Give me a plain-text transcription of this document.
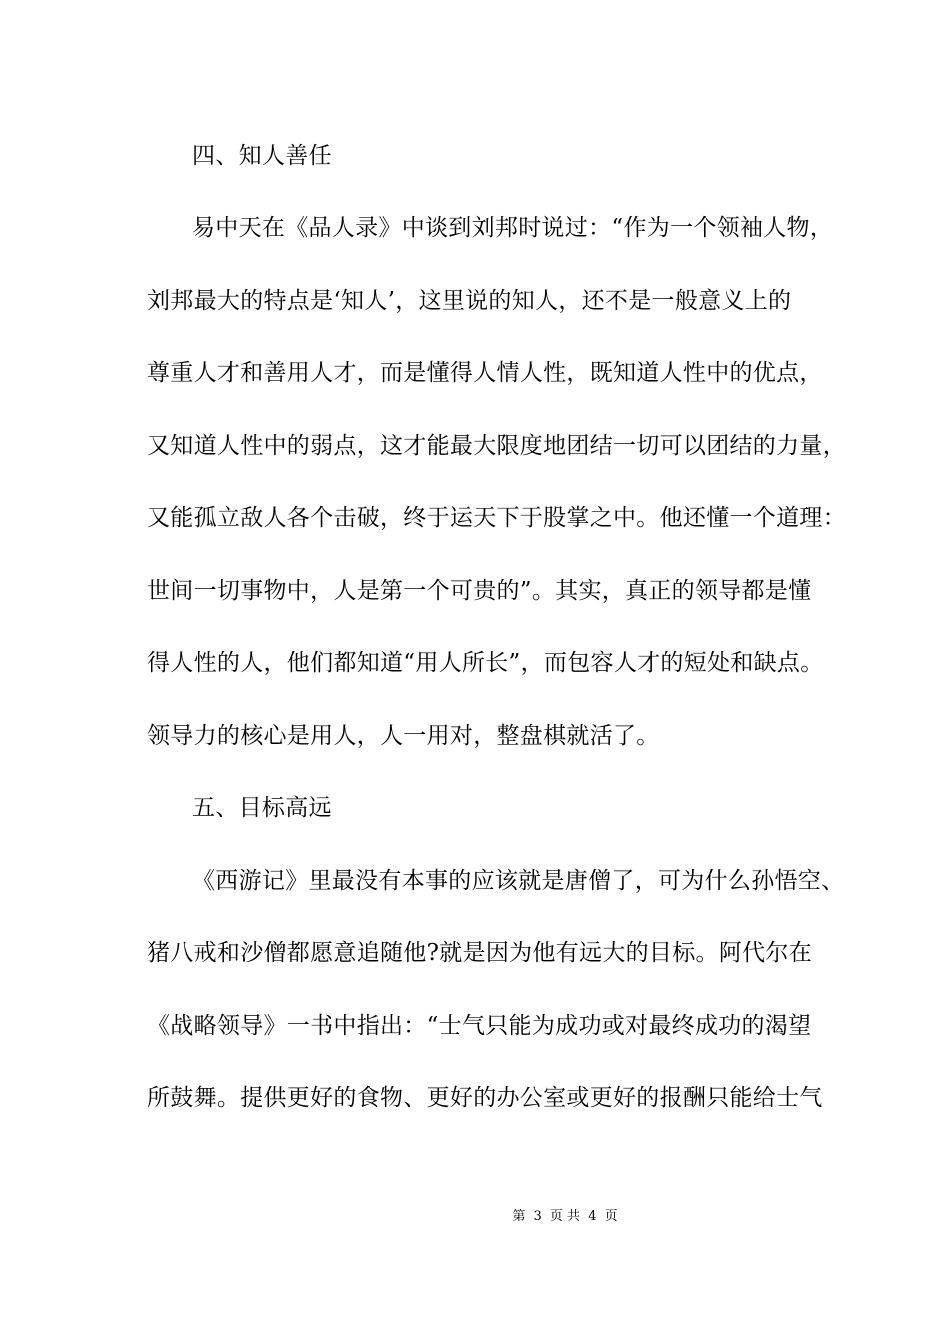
四、知人善任
易中天在《品人录》中谈到刘邦时说过：“作为一个领袖人物，
刘邦最大的特点是‘知人’，这里说的知人，还不是一般意义上的
尊重人才和善用人才，而是懂得人情人性，既知道人性中的优点，
又知道人性中的弱点，这才能最大限度地团结一切可以团结的力量，
又能孤立敌人各个击破，终于运天下于股掌之中。他还懂一个道理：
世间一切事物中，人是第一个可贵的”。其实，真正的领导都是懂
得人性的人，他们都知道“用人所长”，而包容人才的短处和缺点。
领导力的核心是用人，人一用对，整盘棋就活了。
五、目标高远
《西游记》里最没有本事的应该就是唐僧了，可为什么孙悟空、
猪八戒和沙僧都愿意追随他?就是因为他有远大的目标。阿代尔在
《战略领导》一书中指出：“士气只能为成功或对最终成功的渴望
所鼓舞。提供更好的食物、更好的办公室或更好的报酬只能给士气
第 3 页 共 4 页
